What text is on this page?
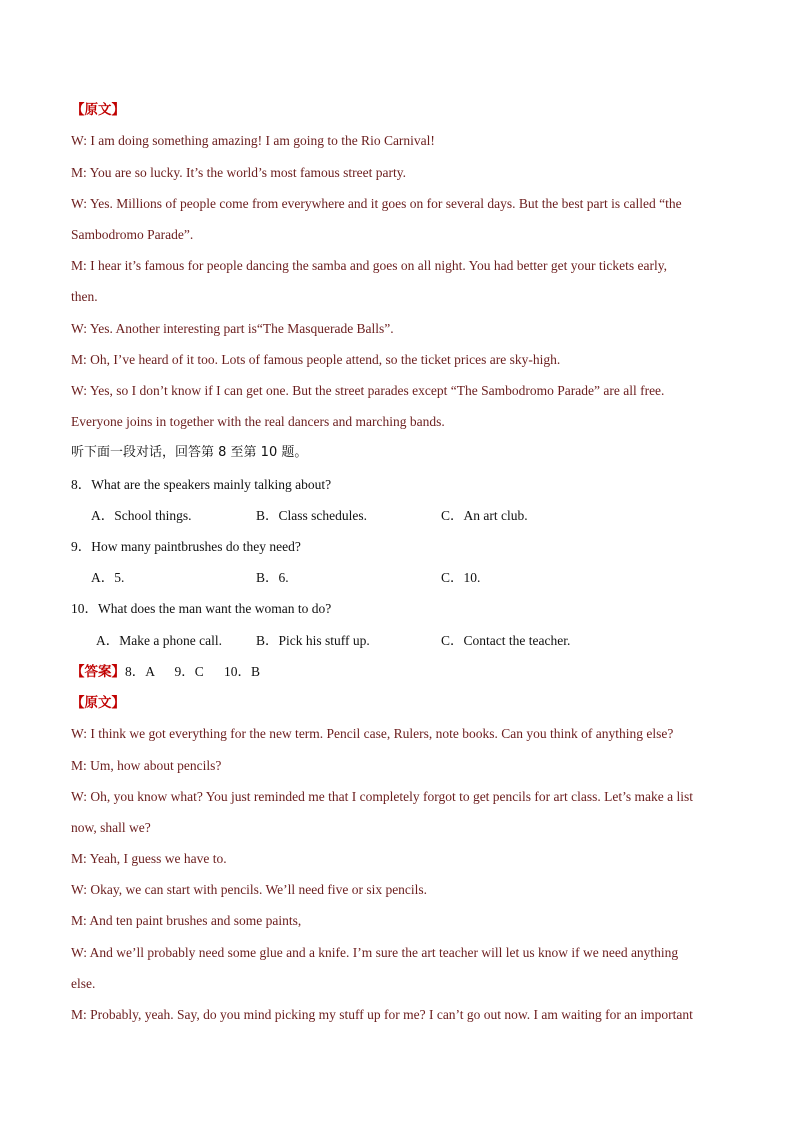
【原文】
W: I am doing something amazing! I am going to the Rio Carnival!
M: You are so lucky. It’s the world’s most famous street party.
W: Yes. Millions of people come from everywhere and it goes on for several days. But the best part is called “the
Sambodromo Parade”.
M: I hear it’s famous for people dancing the samba and goes on all night. You had better get your tickets early,
then.
W: Yes. Another interesting part is“The Masquerade Balls”.
M: Oh, I’ve heard of it too. Lots of famous people attend, so the ticket prices are sky-high.
W: Yes, so I don’t know if I can get one. But the street parades except “The Sambodromo Parade” are all free.
Everyone joins in together with the real dancers and marching bands.
听下面一段对话，回答第 8 至第 10 题。
8．What are the speakers mainly talking about?
A．School things.	B．Class schedules.	C．An art club.
9．How many paintbrushes do they need?
A．5.	B．6.	C．10.
10．What does the man want the woman to do?
A．Make a phone call.	B．Pick his stuff up.	C．Contact the teacher.
【答案】8．A      9．C      10．B
【原文】
W: I think we got everything for the new term. Pencil case, Rulers, note books. Can you think of anything else?
M: Um, how about pencils?
W: Oh, you know what? You just reminded me that I completely forgot to get pencils for art class. Let’s make a list
now, shall we?
M: Yeah, I guess we have to.
W: Okay, we can start with pencils. We’ll need five or six pencils.
M: And ten paint brushes and some paints,
W: And we’ll probably need some glue and a knife. I’m sure the art teacher will let us know if we need anything
else.
M: Probably, yeah. Say, do you mind picking my stuff up for me? I can’t go out now. I am waiting for an important
